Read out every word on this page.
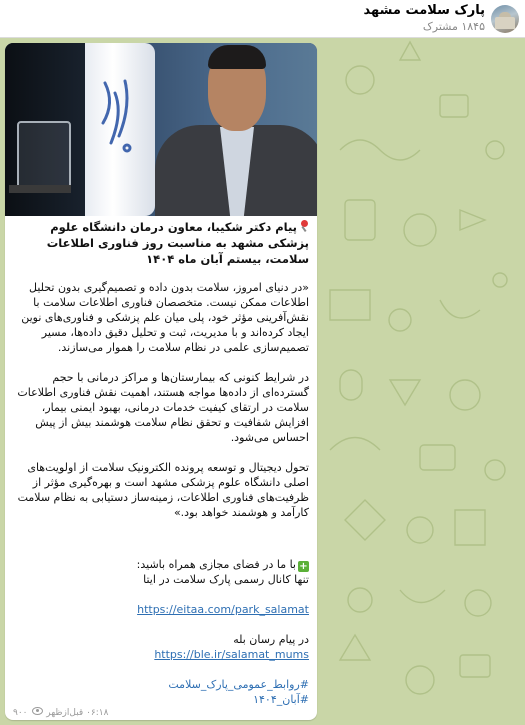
پارک سلامت مشهد
۱۸۴۵ مشترک
پیام دکتر شکیبا، معاون درمان دانشگاه علوم پزشکی مشهد به مناسبت روز فناوری اطلاعات سلامت، بیستم آبان ماه ۱۴۰۴

«در دنیای امروز، سلامت بدون داده و تصمیم‌گیری بدون تحلیل اطلاعات ممکن نیست. متخصصان فناوری اطلاعات سلامت با نقش‌آفرینی مؤثر خود، پلی میان علم پزشکی و فناوری‌های نوین ایجاد کرده‌اند و با مدیریت، ثبت و تحلیل دقیق داده‌ها، مسیر تصمیم‌سازی علمی در نظام سلامت را هموار می‌سازند.

در شرایط کنونی که بیمارستان‌ها و مراکز درمانی با حجم گسترده‌ای از داده‌ها مواجه هستند، اهمیت نقش فناوری اطلاعات سلامت در ارتقای کیفیت خدمات درمانی، بهبود ایمنی بیمار، افزایش شفافیت و تحقق نظام سلامت هوشمند بیش از پیش احساس می‌شود.

تحول دیجیتال و توسعه پرونده الکترونیک سلامت از اولویت‌های اصلی دانشگاه علوم پزشکی مشهد است و بهره‌گیری مؤثر از ظرفیت‌های فناوری اطلاعات، زمینه‌ساز دستیابی به نظام سلامت کارآمد و هوشمند خواهد بود.»

+با ما در فضای مجازی همراه باشید:
تنها کانال رسمی پارک سلامت در ایتا
https://eitaa.com/park_salamat
در پیام رسان بله
https://ble.ir/salamat_mums
#روابط_عمومی_پارک_سلامت
#آبان_۱۴۰۴
۰۶:۱۸ قبل‌ازظهر  ۹۰۰
